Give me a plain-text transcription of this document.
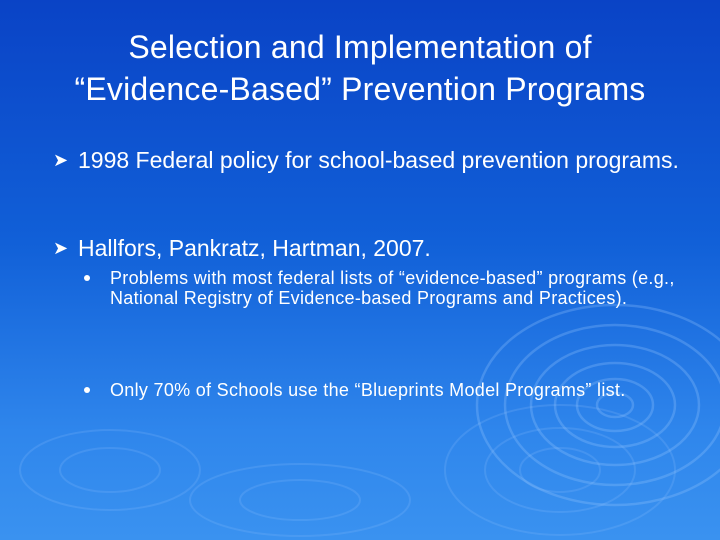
Selection and Implementation of
“Evidence-Based” Prevention Programs
➤ 1998 Federal policy for school-based prevention programs.
➤ Hallfors, Pankratz, Hartman, 2007.
Problems with most federal lists of “evidence-based” programs (e.g., National Registry of Evidence-based Programs and Practices).
Only 70% of Schools use the “Blueprints Model Programs” list.
